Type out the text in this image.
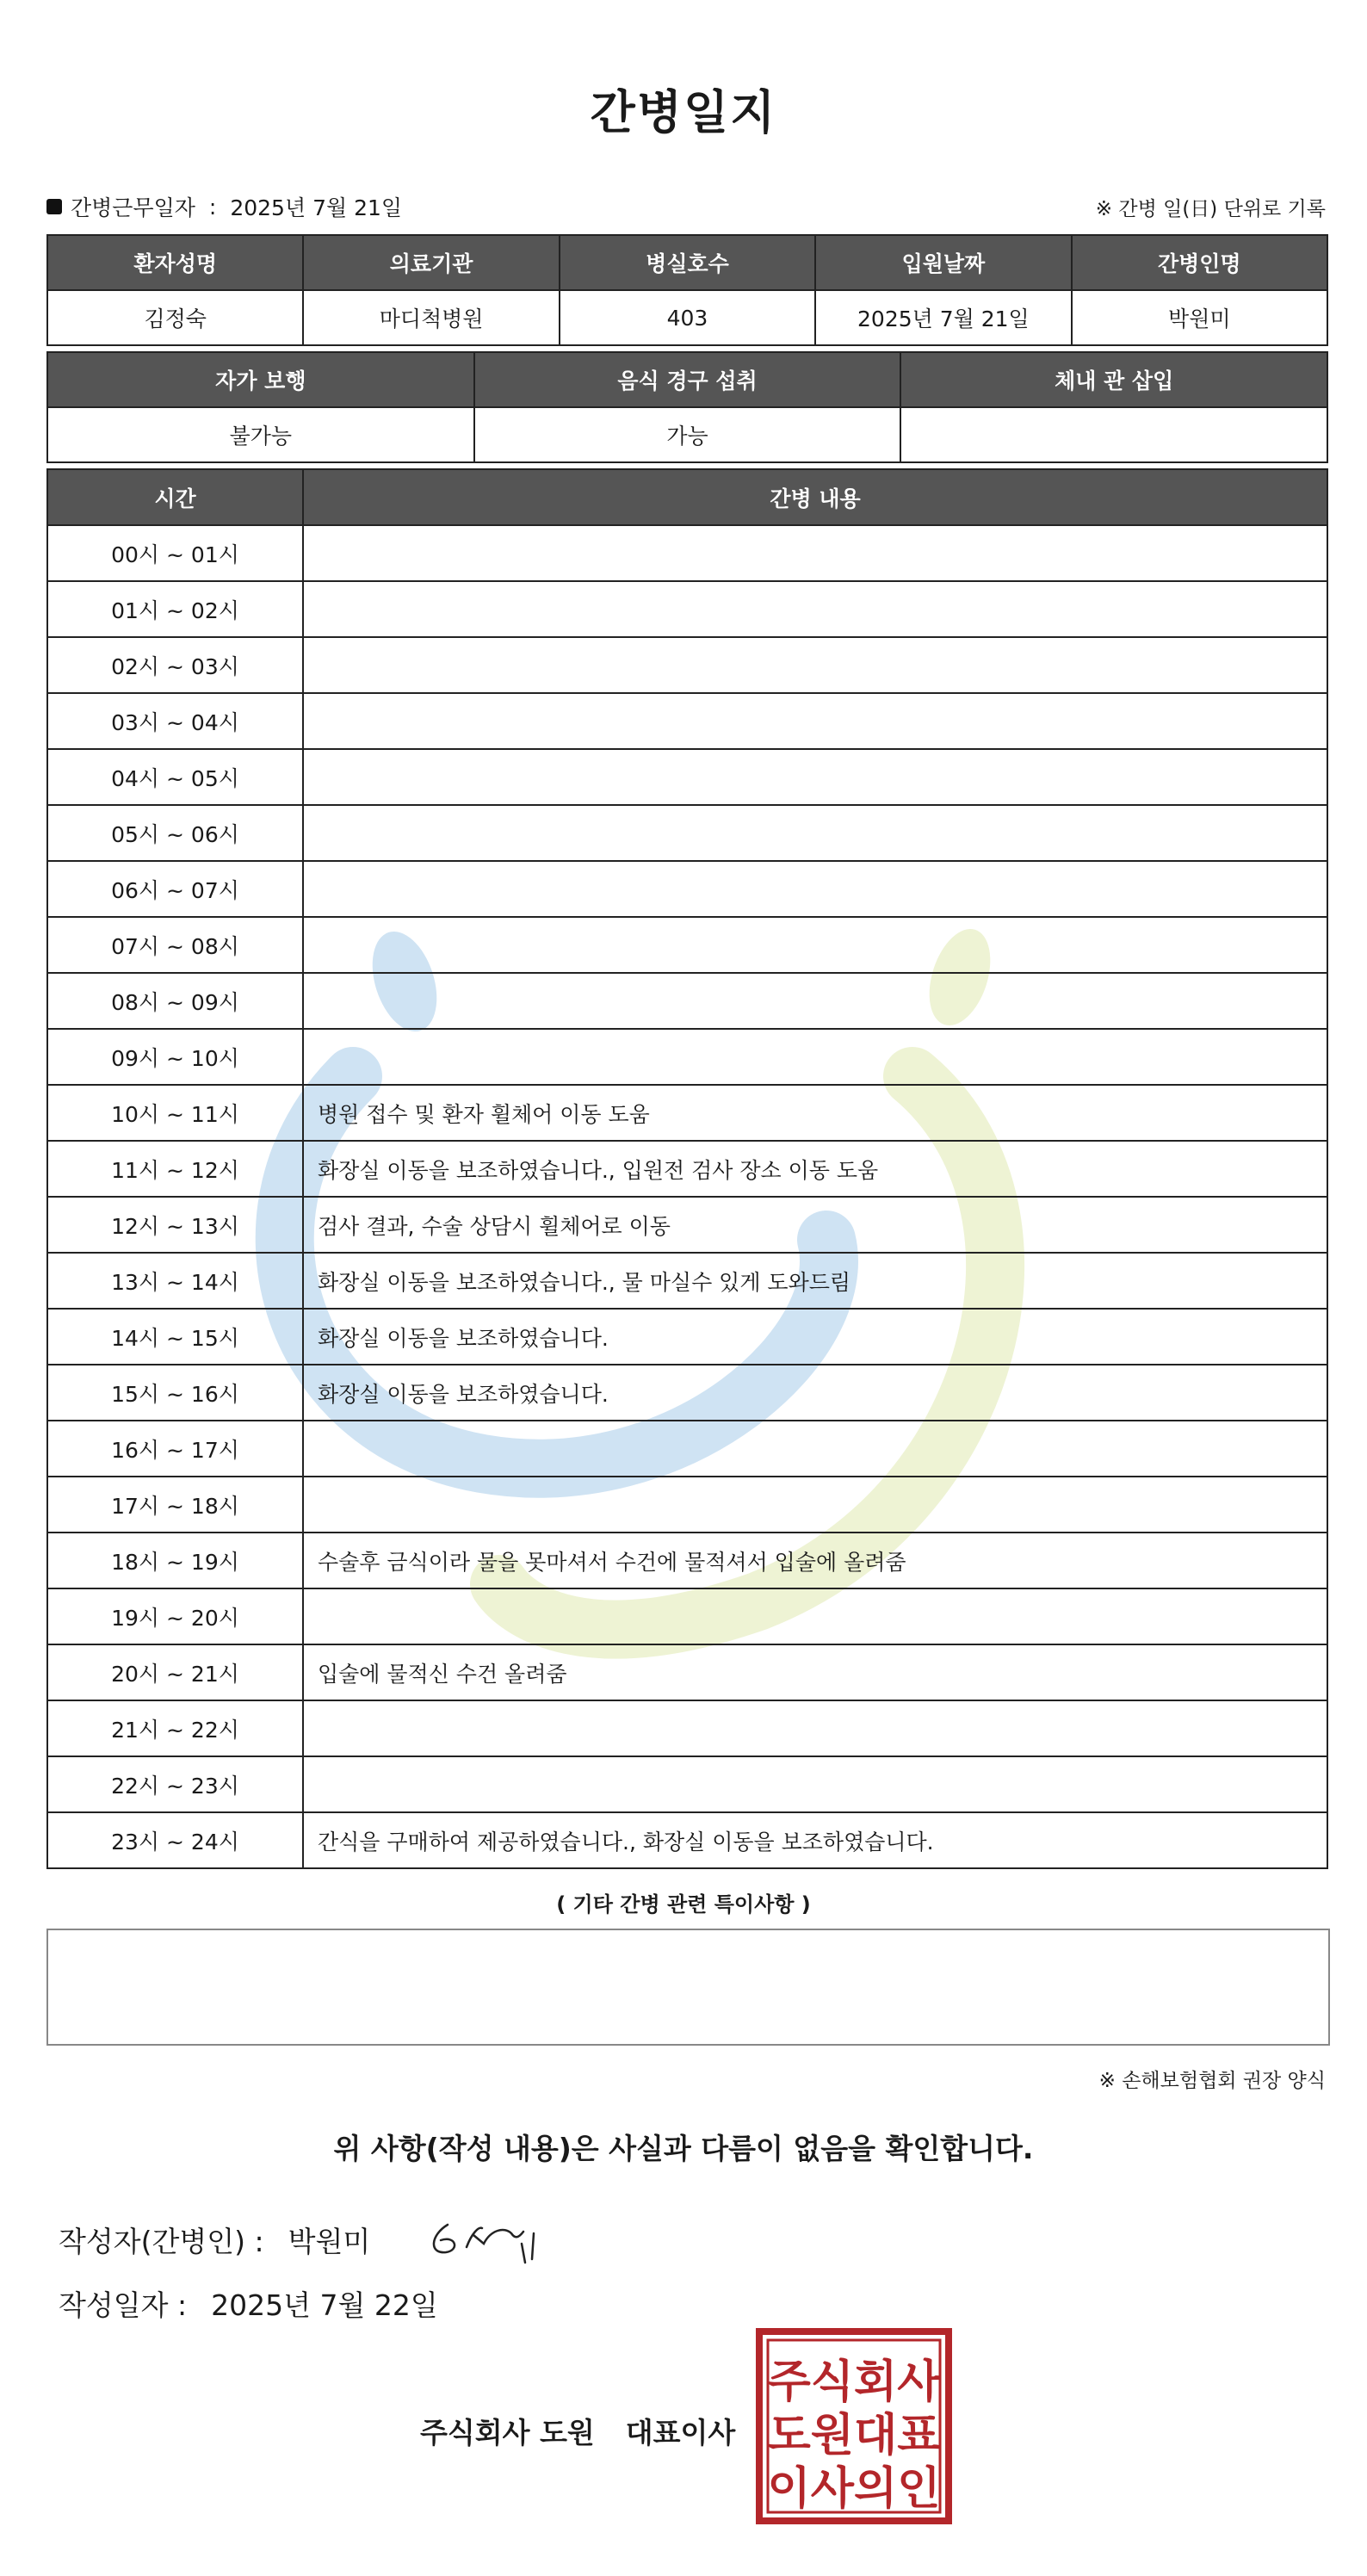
간병일지
간병근무일자 : 2025년 7월 21일	※ 간병 일(日) 단위로 기록
환자성명	의료기관	병실호수	입원날짜	간병인명
김정숙	마디척병원	403	2025년 7월 21일	박원미
자가 보행	음식 경구 섭취	체내 관 삽입
불가능	가능	
시간	간병 내용
00시 ~ 01시	
01시 ~ 02시	
02시 ~ 03시	
03시 ~ 04시	
04시 ~ 05시	
05시 ~ 06시	
06시 ~ 07시	
07시 ~ 08시	
08시 ~ 09시	
09시 ~ 10시	
10시 ~ 11시	병원 접수 및 환자 휠체어 이동 도움
11시 ~ 12시	화장실 이동을 보조하였습니다., 입원전 검사 장소 이동 도움
12시 ~ 13시	검사 결과, 수술 상담시 휠체어로 이동
13시 ~ 14시	화장실 이동을 보조하였습니다., 물 마실수 있게 도와드림
14시 ~ 15시	화장실 이동을 보조하였습니다.
15시 ~ 16시	화장실 이동을 보조하였습니다.
16시 ~ 17시	
17시 ~ 18시	
18시 ~ 19시	수술후 금식이라 물을 못마셔서 수건에 물적셔서 입술에 올려줌
19시 ~ 20시	
20시 ~ 21시	입술에 물적신 수건 올려줌
21시 ~ 22시	
22시 ~ 23시	
23시 ~ 24시	간식을 구매하여 제공하였습니다., 화장실 이동을 보조하였습니다.
( 기타 간병 관련 특이사항 )
※ 손해보험협회 권장 양식
위 사항(작성 내용)은 사실과 다름이 없음을 확인합니다.
작성자(간병인) : 박원미
작성일자 : 2025년 7월 22일
주식회사 도원 대표이사
주식회사
도원대표
이사의인
